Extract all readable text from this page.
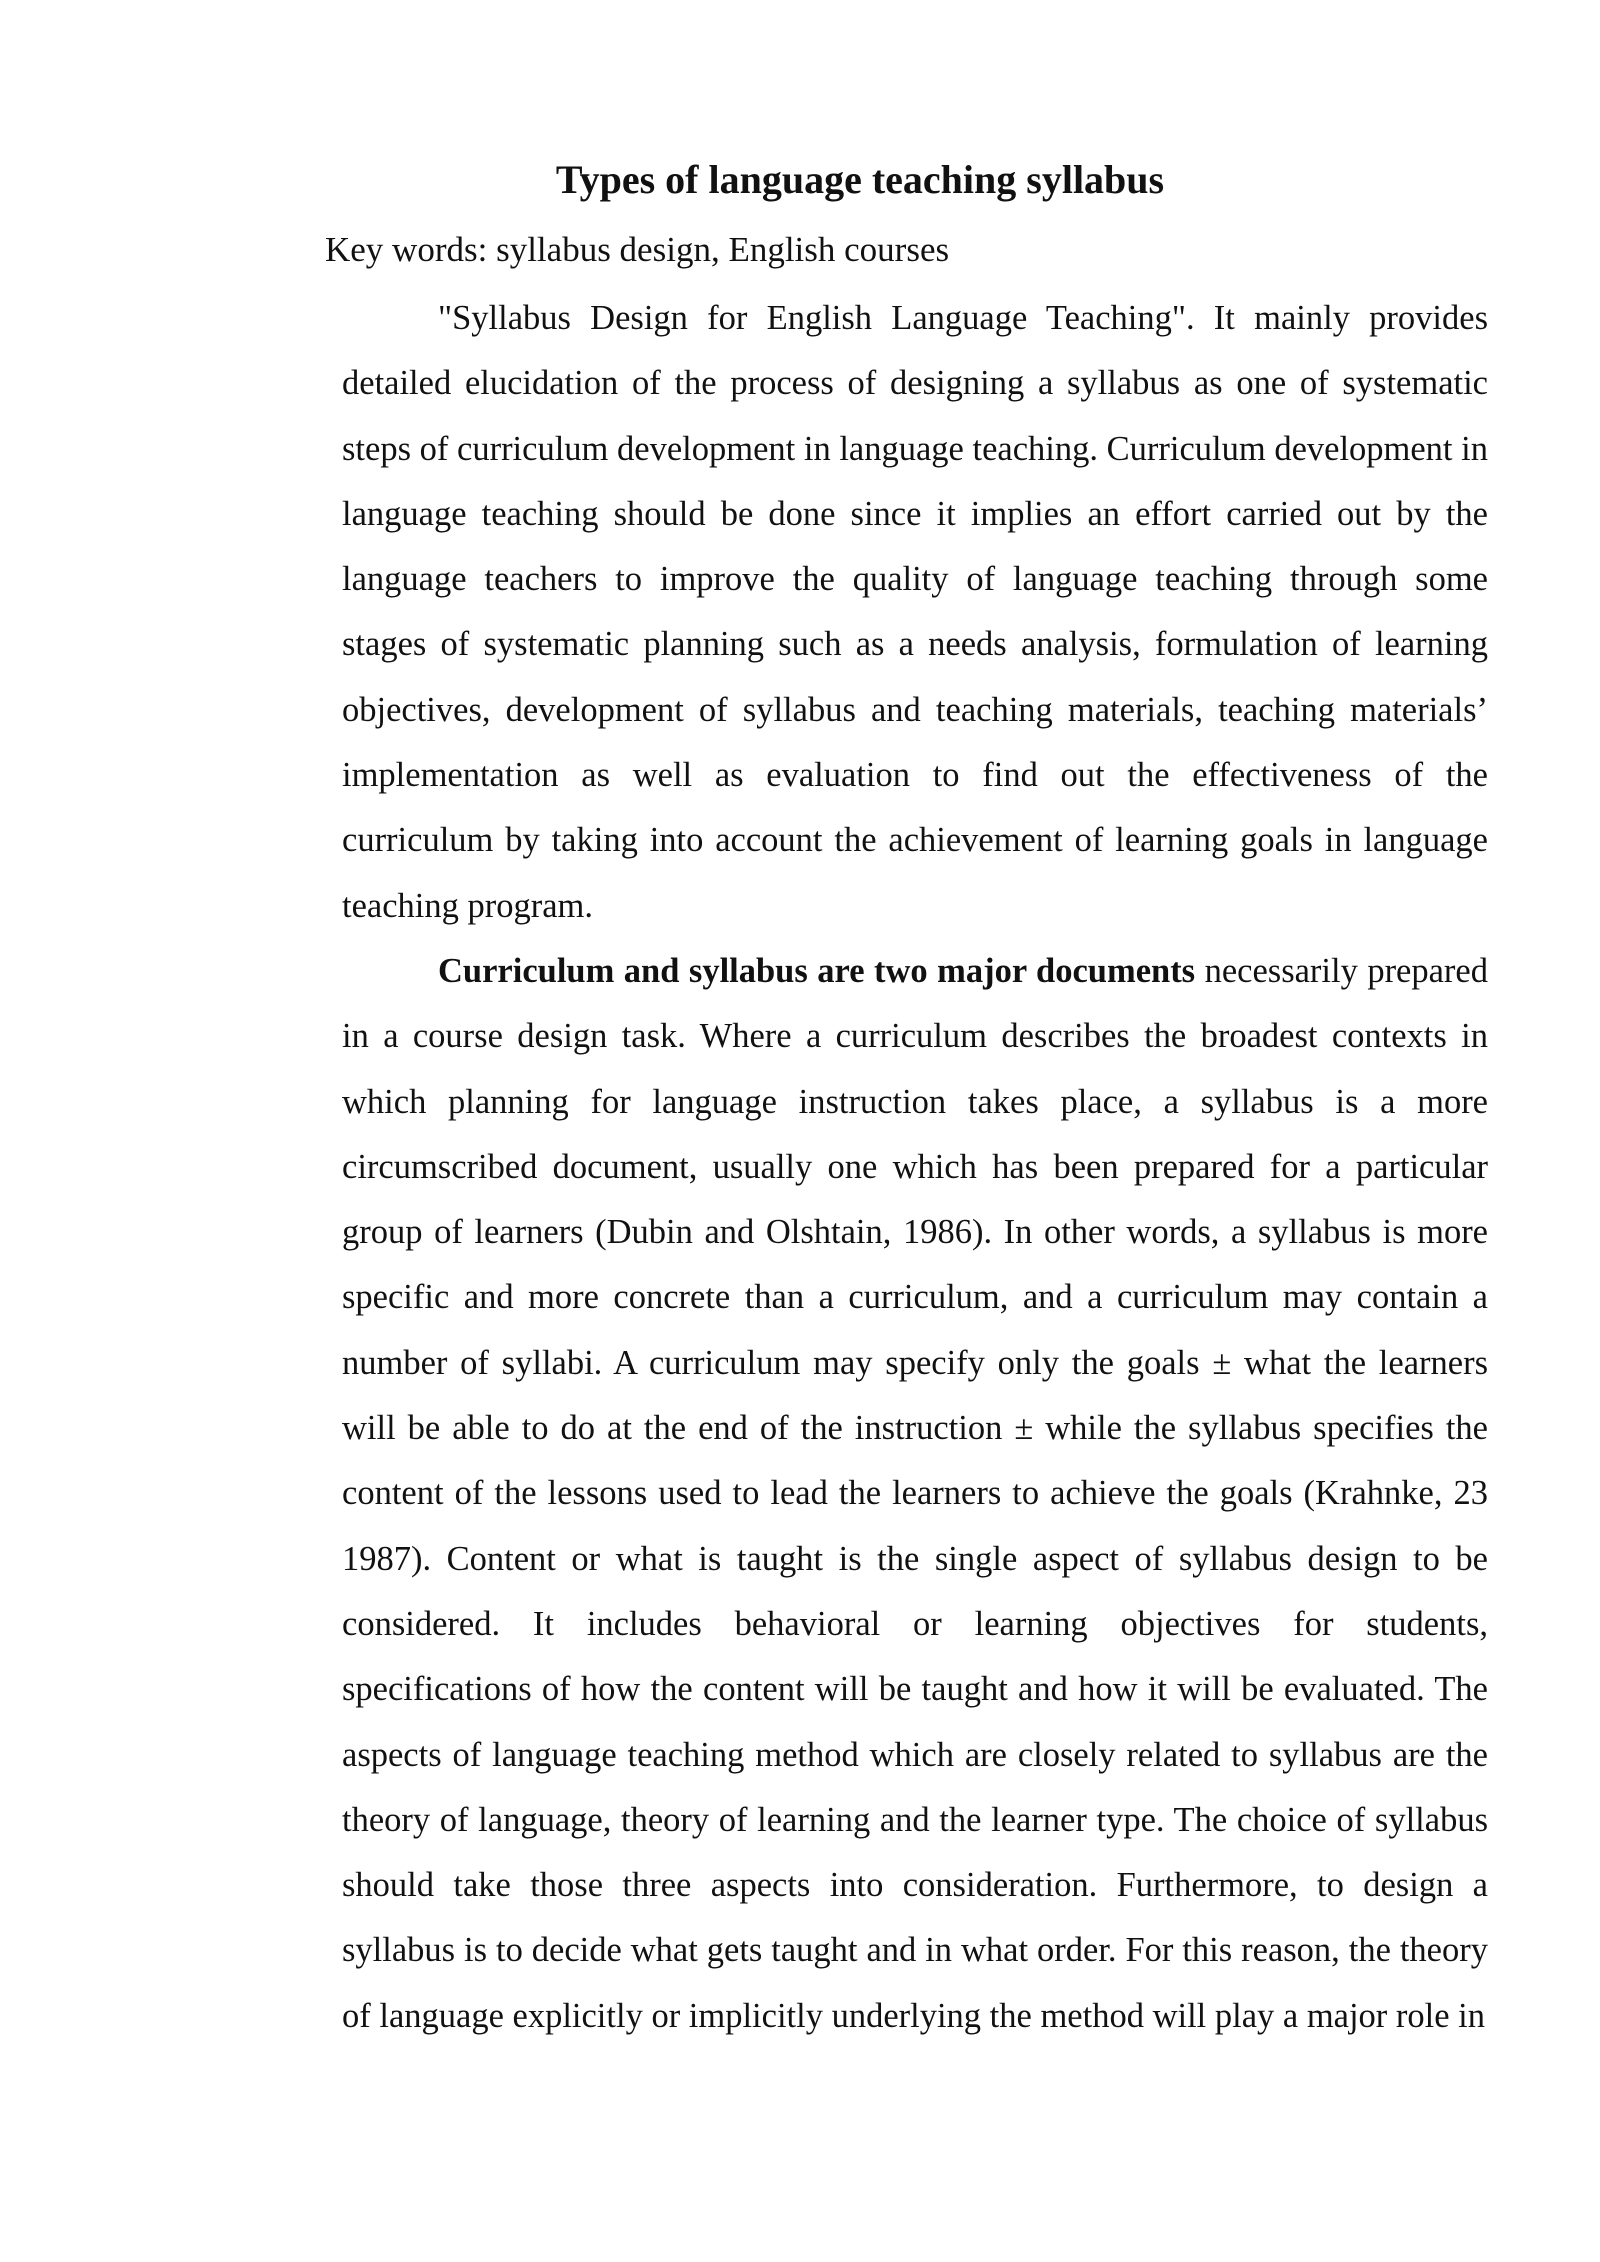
Types of language teaching syllabus

Key words: syllabus design, English courses

"Syllabus Design for English Language Teaching". It mainly provides detailed elucidation of the process of designing a syllabus as one of systematic steps of curriculum development in language teaching. Curriculum development in language teaching should be done since it implies an effort carried out by the language teachers to improve the quality of language teaching through some stages of systematic planning such as a needs analysis, formulation of learning objectives, development of syllabus and teaching materials, teaching materials’ implementation as well as evaluation to find out the effectiveness of the curriculum by taking into account the achievement of learning goals in language teaching program.

Curriculum and syllabus are two major documents necessarily prepared in a course design task. Where a curriculum describes the broadest contexts in which planning for language instruction takes place, a syllabus is a more circumscribed document, usually one which has been prepared for a particular group of learners (Dubin and Olshtain, 1986). In other words, a syllabus is more specific and more concrete than a curriculum, and a curriculum may contain a number of syllabi. A curriculum may specify only the goals ± what the learners will be able to do at the end of the instruction ± while the syllabus specifies the content of the lessons used to lead the learners to achieve the goals (Krahnke, 23 1987). Content or what is taught is the single aspect of syllabus design to be considered. It includes behavioral or learning objectives for students, specifications of how the content will be taught and how it will be evaluated. The aspects of language teaching method which are closely related to syllabus are the theory of language, theory of learning and the learner type. The choice of syllabus should take those three aspects into consideration. Furthermore, to design a syllabus is to decide what gets taught and in what order. For this reason, the theory of language explicitly or implicitly underlying the method will play a major role in
